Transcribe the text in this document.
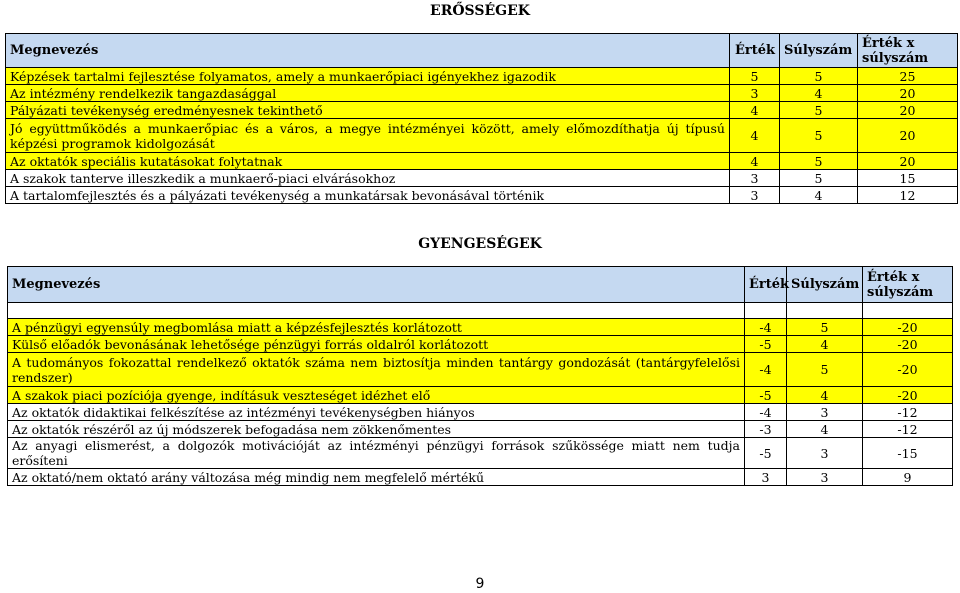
ERŐSSÉGEK
Megnevezés	Érték	Súlyszám	Érték x súlyszám
Képzések tartalmi fejlesztése folyamatos, amely a munkaerőpiaci igényekhez igazodik	5	5	25
Az intézmény rendelkezik tangazdasággal	3	4	20
Pályázati tevékenység eredményesnek tekinthető	4	5	20
Jó együttműködés a munkaerőpiac és a város, a megye intézményei között, amely előmozdíthatja új típusú képzési programok kidolgozását	4	5	20
Az oktatók speciális kutatásokat folytatnak	4	5	20
A szakok tanterve illeszkedik a munkaerő-piaci elvárásokhoz	3	5	15
A tartalomfejlesztés és a pályázati tevékenység a munkatársak bevonásával történik	3	4	12
GYENGESÉGEK
Megnevezés	Érték	Súlyszám	Érték x súlyszám

A pénzügyi egyensúly megbomlása miatt a képzésfejlesztés korlátozott	-4	5	-20
Külső előadók bevonásának lehetősége pénzügyi forrás oldalról korlátozott	-5	4	-20
A tudományos fokozattal rendelkező oktatók száma nem biztosítja minden tantárgy gondozását (tantárgyfelelősi rendszer)	-4	5	-20
A szakok piaci pozíciója gyenge, indításuk veszteséget idézhet elő	-5	4	-20
Az oktatók didaktikai felkészítése az intézményi tevékenységben hiányos	-4	3	-12
Az oktatók részéről az új módszerek befogadása nem zökkenőmentes	-3	4	-12
Az anyagi elismerést, a dolgozók motivációját az intézményi pénzügyi források szűkössége miatt nem tudja erősíteni	-5	3	-15
Az oktató/nem oktató arány változása még mindig nem megfelelő mértékű	3	3	9
9
